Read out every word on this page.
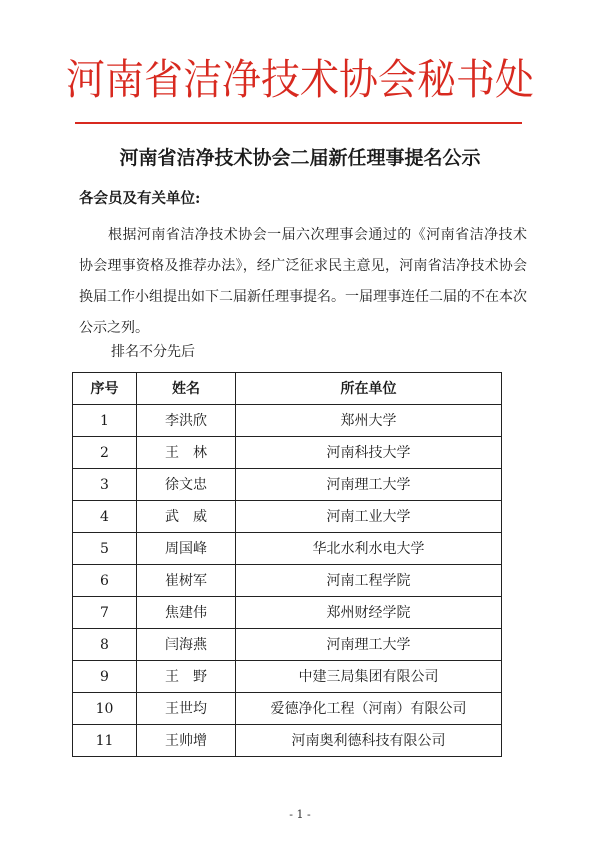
河南省洁净技术协会秘书处
河南省洁净技术协会二届新任理事提名公示
各会员及有关单位:

根据河南省洁净技术协会一届六次理事会通过的《河南省洁净技术协会理事资格及推荐办法》，经广泛征求民主意见，河南省洁净技术协会换届工作小组提出如下二届新任理事提名。一届理事连任二届的不在本次公示之列。

排名不分先后
序号	姓名	所在单位
1	李洪欣	郑州大学
2	王　林	河南科技大学
3	徐文忠	河南理工大学
4	武　威	河南工业大学
5	周国峰	华北水利水电大学
6	崔树军	河南工程学院
7	焦建伟	郑州财经学院
8	闫海燕	河南理工大学
9	王　野	中建三局集团有限公司
10	王世均	爱德净化工程（河南）有限公司
11	王帅增	河南奥利德科技有限公司
- 1 -
